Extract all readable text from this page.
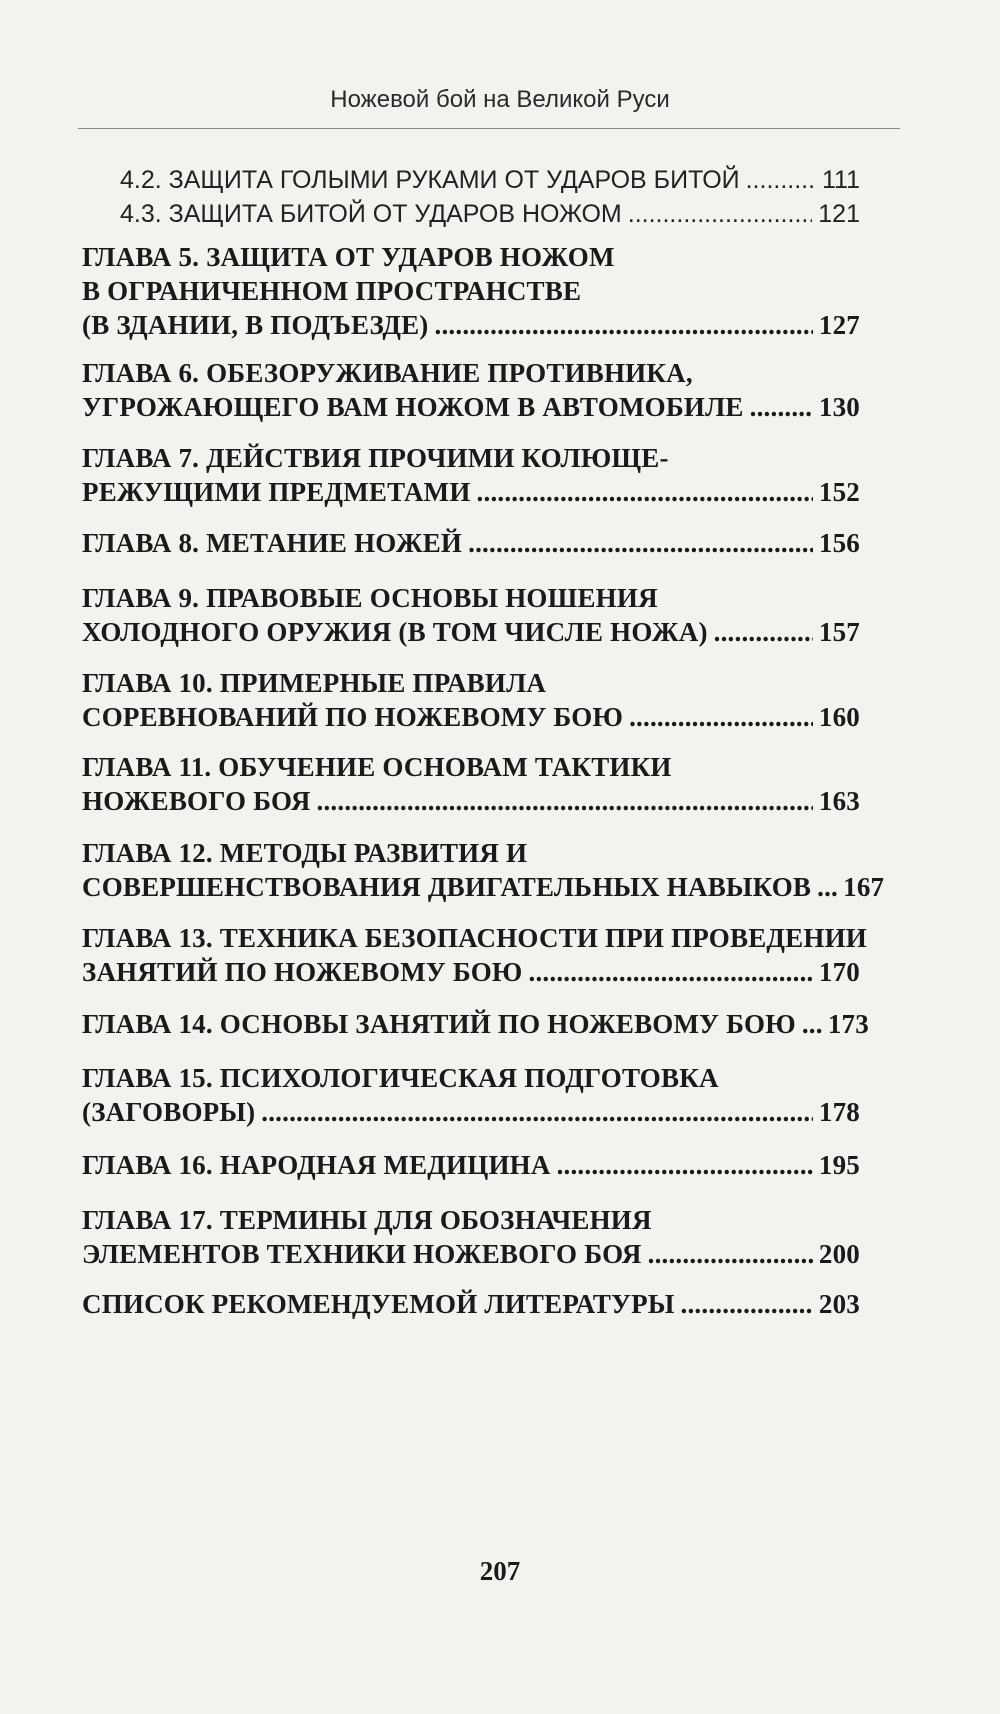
Ножевой бой на Великой Руси
4.2. ЗАЩИТА ГОЛЫМИ РУКАМИ ОТ УДАРОВ БИТОЙ .....	111
4.3. ЗАЩИТА БИТОЙ ОТ УДАРОВ НОЖОМ .....	121
ГЛАВА 5. ЗАЩИТА ОТ УДАРОВ НОЖОМ
В ОГРАНИЧЕННОМ ПРОСТРАНСТВЕ
(В ЗДАНИИ, В ПОДЪЕЗДЕ) .....	127
ГЛАВА 6. ОБЕЗОРУЖИВАНИЕ ПРОТИВНИКА,
УГРОЖАЮЩЕГО ВАМ НОЖОМ В АВТОМОБИЛЕ .....	130
ГЛАВА 7. ДЕЙСТВИЯ ПРОЧИМИ КОЛЮЩЕ-
РЕЖУЩИМИ ПРЕДМЕТАМИ .....	152
ГЛАВА 8. МЕТАНИЕ НОЖЕЙ .....	156
ГЛАВА 9. ПРАВОВЫЕ ОСНОВЫ НОШЕНИЯ
ХОЛОДНОГО ОРУЖИЯ (В ТОМ ЧИСЛЕ НОЖА) .....	157
ГЛАВА 10. ПРИМЕРНЫЕ ПРАВИЛА
СОРЕВНОВАНИЙ ПО НОЖЕВОМУ БОЮ .....	160
ГЛАВА 11. ОБУЧЕНИЕ ОСНОВАМ ТАКТИКИ
НОЖЕВОГО БОЯ .....	163
ГЛАВА 12. МЕТОДЫ РАЗВИТИЯ И
СОВЕРШЕНСТВОВАНИЯ ДВИГАТЕЛЬНЫХ НАВЫКОВ ..... 167
ГЛАВА 13. ТЕХНИКА БЕЗОПАСНОСТИ ПРИ ПРОВЕДЕНИИ
ЗАНЯТИЙ ПО НОЖЕВОМУ БОЮ .....	170
ГЛАВА 14. ОСНОВЫ ЗАНЯТИЙ ПО НОЖЕВОМУ БОЮ ..... 173
ГЛАВА 15. ПСИХОЛОГИЧЕСКАЯ ПОДГОТОВКА
(ЗАГОВОРЫ) .....	178
ГЛАВА 16. НАРОДНАЯ МЕДИЦИНА .....	195
ГЛАВА 17. ТЕРМИНЫ ДЛЯ ОБОЗНАЧЕНИЯ
ЭЛЕМЕНТОВ ТЕХНИКИ НОЖЕВОГО БОЯ .....	200
СПИСОК РЕКОМЕНДУЕМОЙ ЛИТЕРАТУРЫ .....	203
207
